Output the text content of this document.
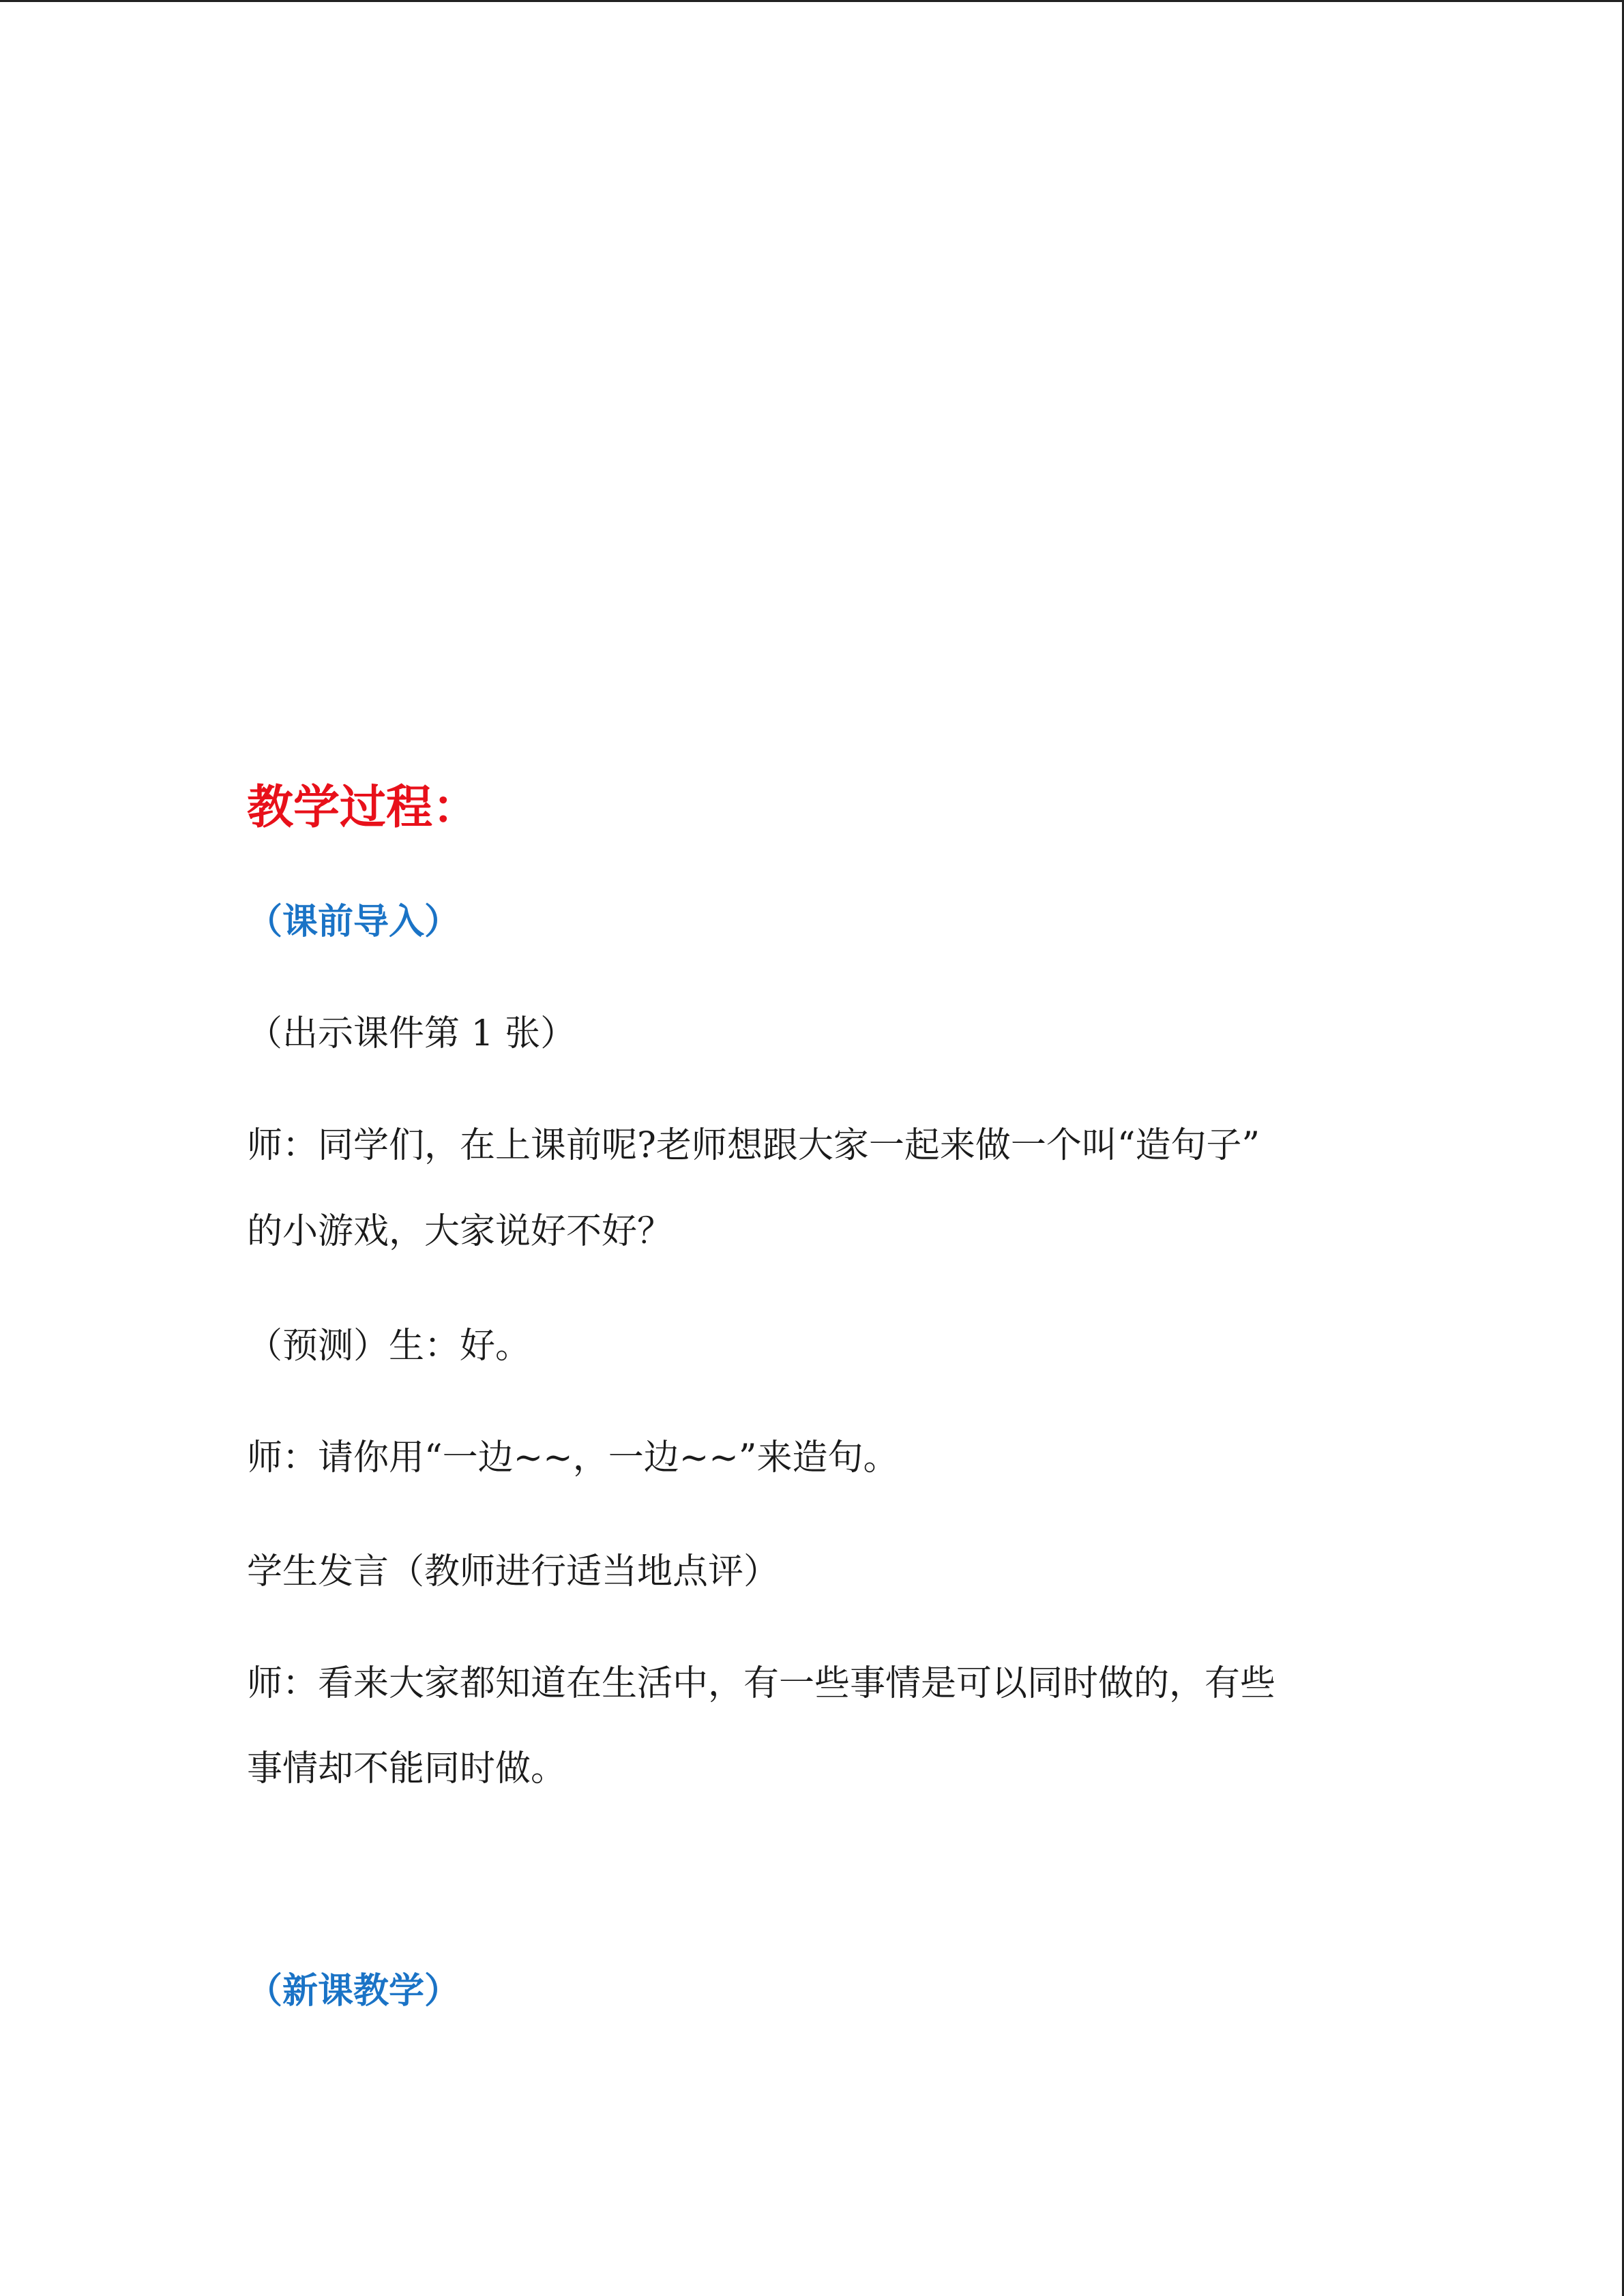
教学过程：

（课前导入）

（出示课件第 1 张）

师：同学们，在上课前呢?老师想跟大家一起来做一个叫“造句子”

的小游戏，大家说好不好？

（预测）生：好。

师：请你用“一边~~，一边~~”来造句。

学生发言（教师进行适当地点评）

师：看来大家都知道在生活中，有一些事情是可以同时做的，有些

事情却不能同时做。

（新课教学）
